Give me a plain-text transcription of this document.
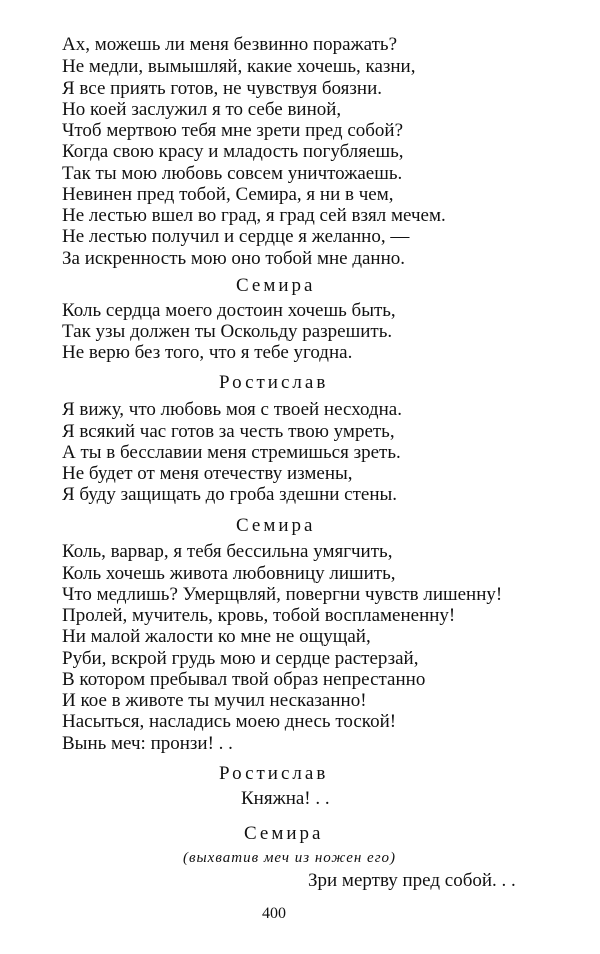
Ах, можешь ли меня безвинно поражать?
Не медли, вымышляй, какие хочешь, казни,
Я все приять готов, не чувствуя боязни.
Но коей заслужил я то себе виной,
Чтоб мертвою тебя мне зрети пред собой?
Когда свою красу и младость погубляешь,
Так ты мою любовь совсем уничтожаешь.
Невинен пред тобой, Семира, я ни в чем,
Не лестью вшел во град, я град сей взял мечем.
Не лестью получил и сердце я желанно, —
За искренность мою оно тобой мне данно.
Семира
Коль сердца моего достоин хочешь быть,
Так узы должен ты Оскольду разрешить.
Не верю без того, что я тебе угодна.
Ростислав
Я вижу, что любовь моя с твоей несходна.
Я всякий час готов за честь твою умреть,
А ты в бесславии меня стремишься зреть.
Не будет от меня отечеству измены,
Я буду защищать до гроба здешни стены.
Семира
Коль, варвар, я тебя бессильна умягчить,
Коль хочешь живота любовницу лишить,
Что медлишь? Умерщвляй, повергни чувств лишенну!
Пролей, мучитель, кровь, тобой воспламененну!
Ни малой жалости ко мне не ощущай,
Руби, вскрой грудь мою и сердце растерзай,
В котором пребывал твой образ непрестанно
И кое в животе ты мучил несказанно!
Насыться, насладись моею днесь тоской!
Вынь меч: пронзи! . .
Ростислав
Княжна! . .
Семира
(выхватив меч из ножен его)
Зри мертву пред собой. . .
400
